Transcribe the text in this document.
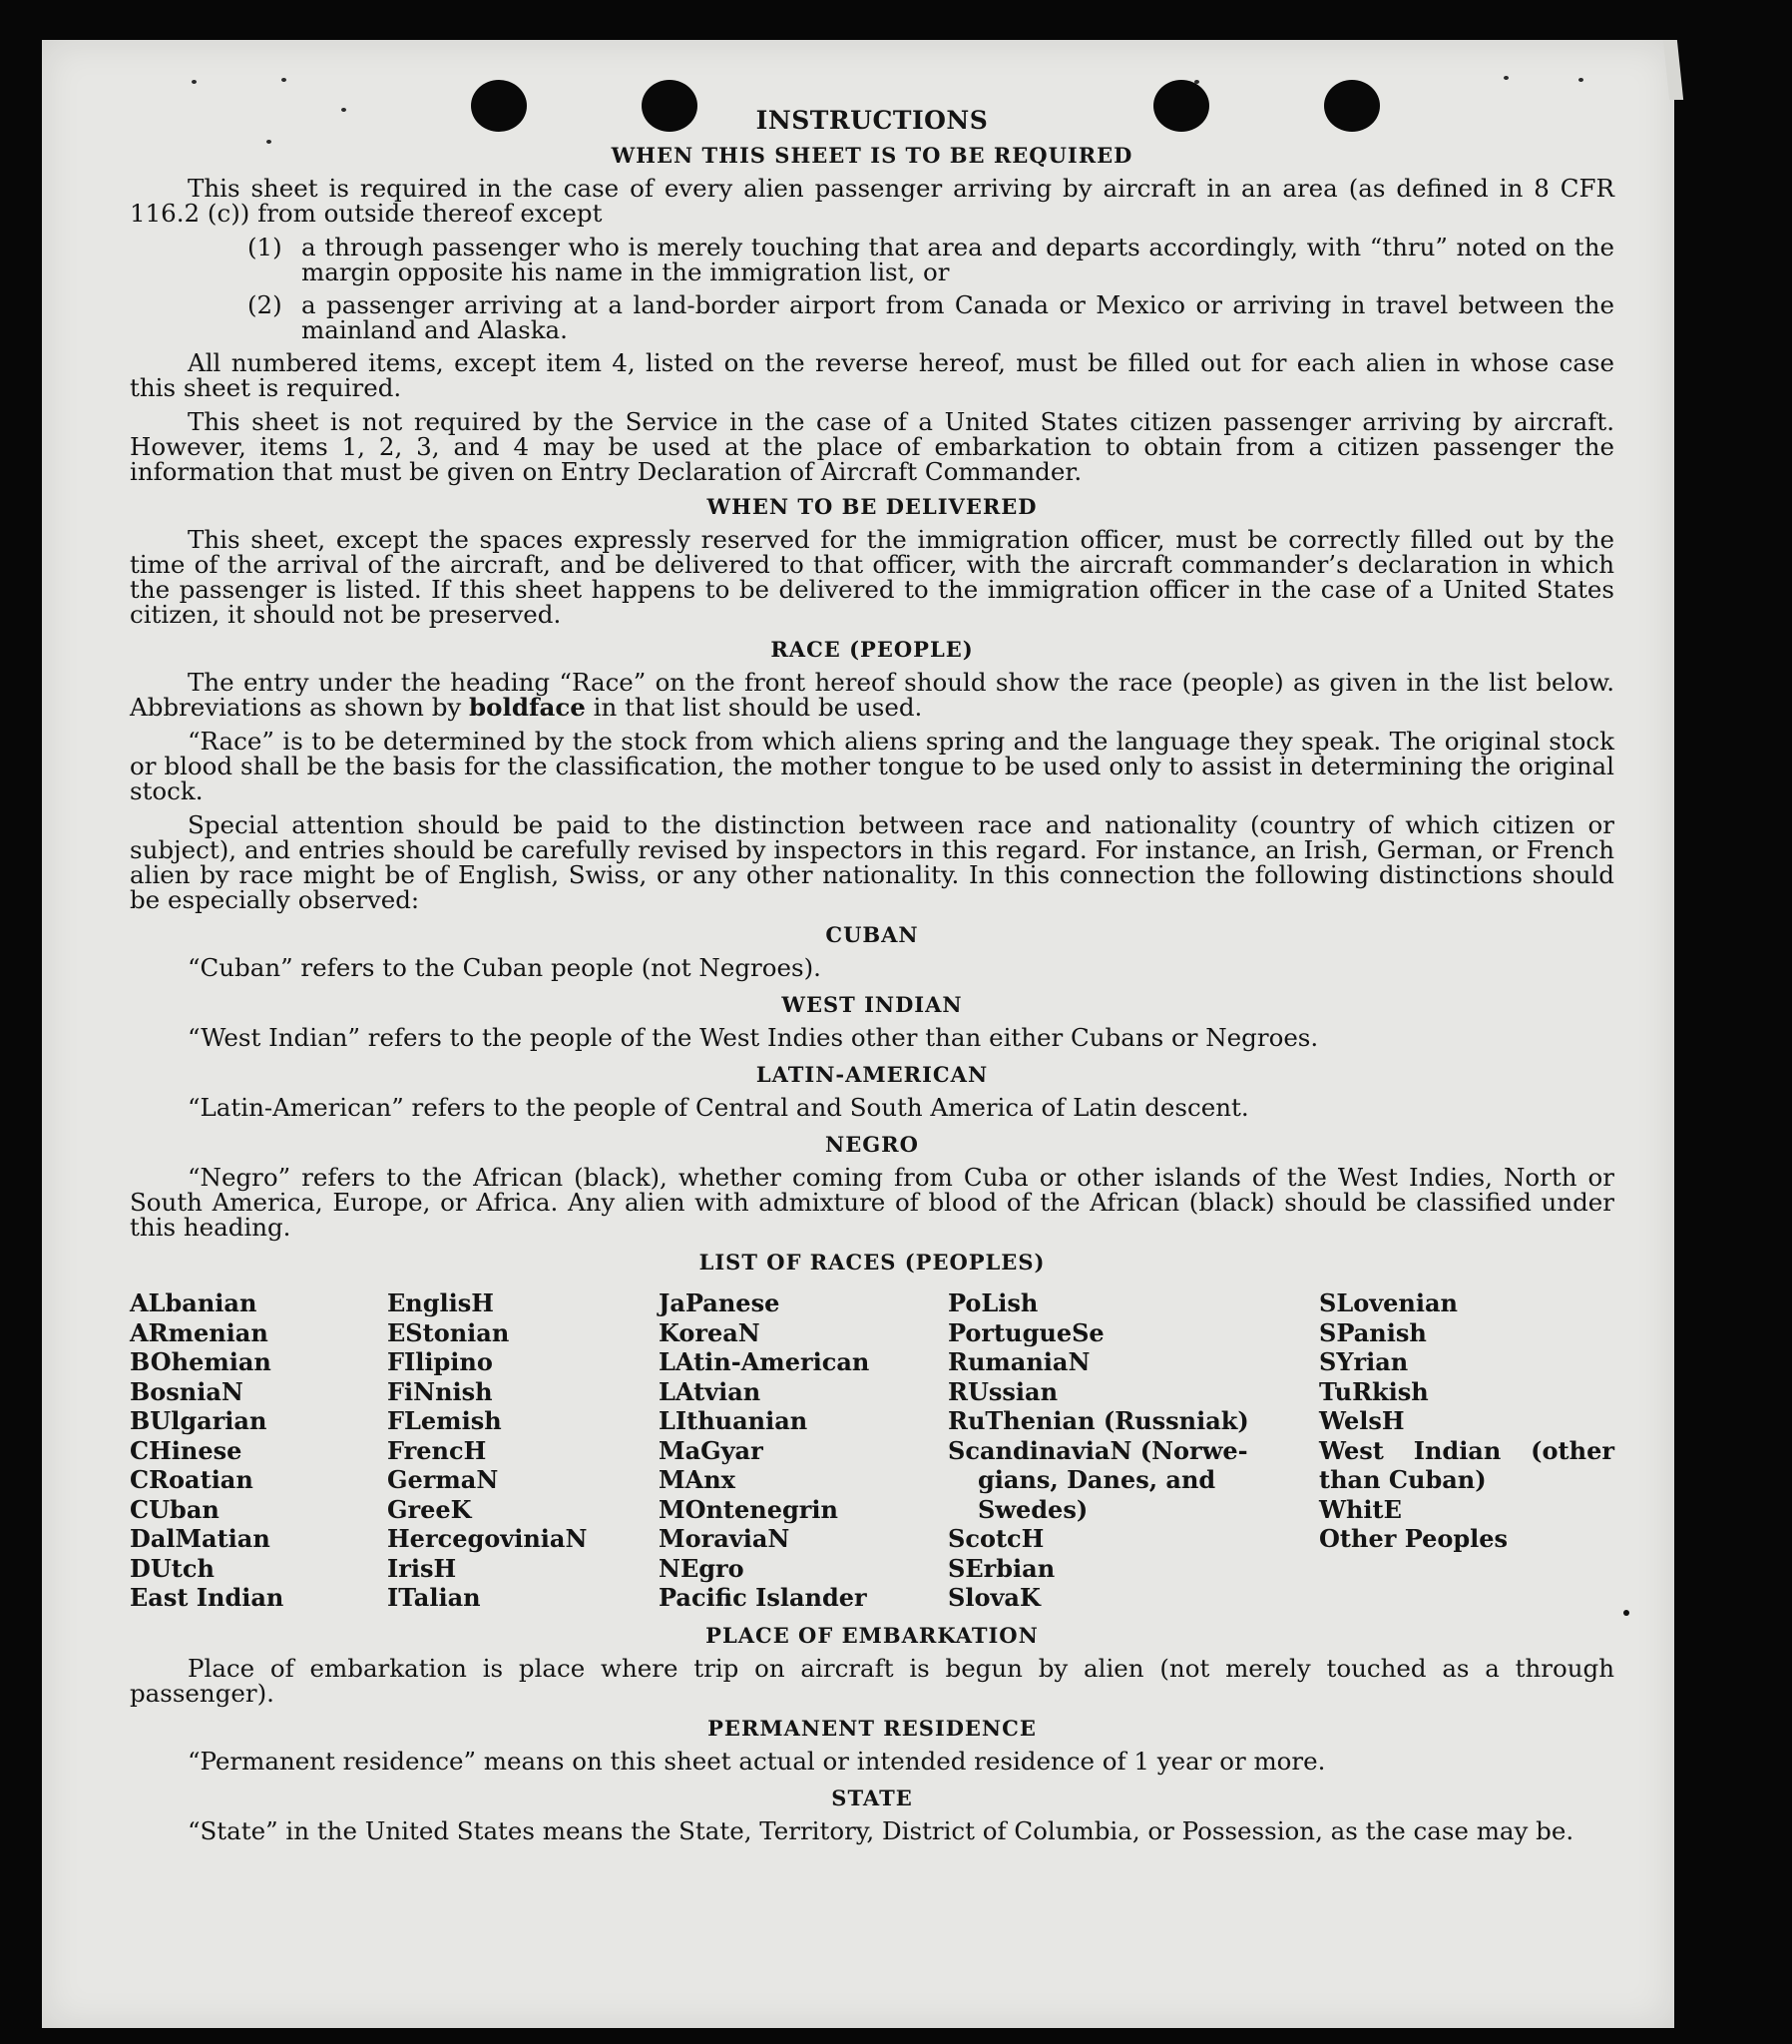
INSTRUCTIONS
WHEN THIS SHEET IS TO BE REQUIRED

This sheet is required in the case of every alien passenger arriving by aircraft in an area (as defined in 8 CFR 116.2 (c)) from outside thereof except

(1) a through passenger who is merely touching that area and departs accordingly, with “thru” noted on the margin opposite his name in the immigration list, or
(2) a passenger arriving at a land-border airport from Canada or Mexico or arriving in travel between the mainland and Alaska.

All numbered items, except item 4, listed on the reverse hereof, must be filled out for each alien in whose case this sheet is required.

This sheet is not required by the Service in the case of a United States citizen passenger arriving by aircraft. However, items 1, 2, 3, and 4 may be used at the place of embarkation to obtain from a citizen passenger the information that must be given on Entry Declaration of Aircraft Commander.

WHEN TO BE DELIVERED

This sheet, except the spaces expressly reserved for the immigration officer, must be correctly filled out by the time of the arrival of the aircraft, and be delivered to that officer, with the aircraft commander’s declaration in which the passenger is listed. If this sheet happens to be delivered to the immigration officer in the case of a United States citizen, it should not be preserved.

RACE (PEOPLE)

The entry under the heading “Race” on the front hereof should show the race (people) as given in the list below. Abbreviations as shown by boldface in that list should be used.

“Race” is to be determined by the stock from which aliens spring and the language they speak. The original stock or blood shall be the basis for the classification, the mother tongue to be used only to assist in determining the original stock.

Special attention should be paid to the distinction between race and nationality (country of which citizen or subject), and entries should be carefully revised by inspectors in this regard. For instance, an Irish, German, or French alien by race might be of English, Swiss, or any other nationality. In this connection the following distinctions should be especially observed:

CUBAN

“Cuban” refers to the Cuban people (not Negroes).

WEST INDIAN

“West Indian” refers to the people of the West Indies other than either Cubans or Negroes.

LATIN-AMERICAN

“Latin-American” refers to the people of Central and South America of Latin descent.

NEGRO

“Negro” refers to the African (black), whether coming from Cuba or other islands of the West Indies, North or South America, Europe, or Africa. Any alien with admixture of blood of the African (black) should be classified under this heading.

LIST OF RACES (PEOPLES)
ALbanian
ARmenian
BOhemian
BosniaN
BUlgarian
CHinese
CRoatian
CUban
DalMatian
DUtch
East Indian
EnglisH
EStonian
FIlipino
FiNnish
FLemish
FrencH
GermaN
GreeK
HercegoviniaN
IrisH
ITalian
JaPanese
KoreaN
LAtin-American
LAtvian
LIthuanian
MaGyar
MAnx
MOntenegrin
MoraviaN
NEgro
Pacific Islander
PoLish
PortugueSe
RumaniaN
RUssian
RuThenian (Russniak)
ScandinaviaN (Norwe-
gians, Danes, and
Swedes)
ScotcH
SErbian
SlovaK
SLovenian
SPanish
SYrian
TuRkish
WelsH
West Indian (other than Cuban)
WhitE
Other Peoples
PLACE OF EMBARKATION

Place of embarkation is place where trip on aircraft is begun by alien (not merely touched as a through passenger).

PERMANENT RESIDENCE

“Permanent residence” means on this sheet actual or intended residence of 1 year or more.

STATE

“State” in the United States means the State, Territory, District of Columbia, or Possession, as the case may be.
